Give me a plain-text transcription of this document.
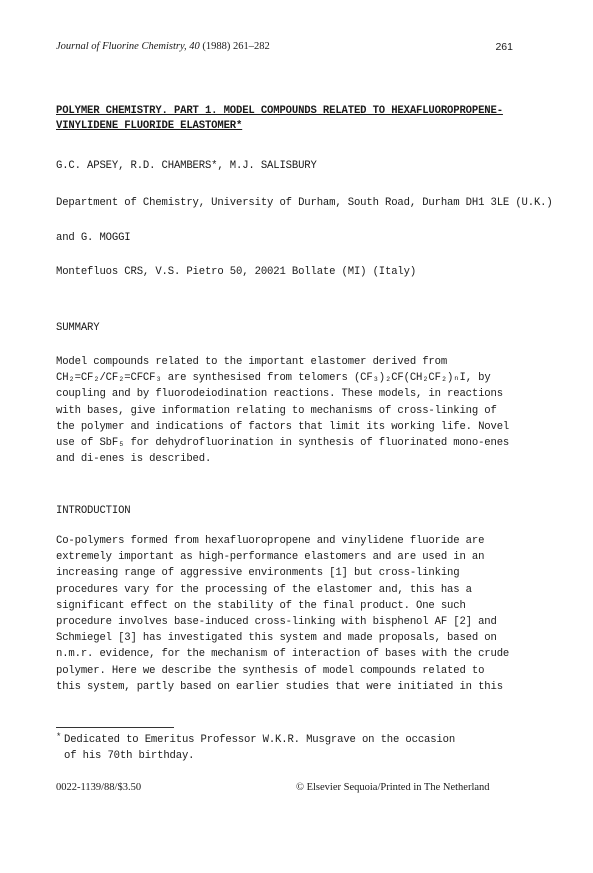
Journal of Fluorine Chemistry, 40 (1988) 261–282	261
POLYMER CHEMISTRY. PART 1. MODEL COMPOUNDS RELATED TO HEXAFLUOROPROPENE-
VINYLIDENE FLUORIDE ELASTOMER*
G.C. APSEY, R.D. CHAMBERS*, M.J. SALISBURY
Department of Chemistry, University of Durham, South Road, Durham DH1 3LE (U.K.)
and G. MOGGI
Montefluos CRS, V.S. Pietro 50, 20021 Bollate (MI) (Italy)
SUMMARY
Model compounds related to the important elastomer derived from
CH₂=CF₂/CF₂=CFCF₃ are synthesised from telomers (CF₃)₂CF(CH₂CF₂)ₙI, by
coupling and by fluorodeiodination reactions. These models, in reactions
with bases, give information relating to mechanisms of cross-linking of
the polymer and indications of factors that limit its working life. Novel
use of SbF₅ for dehydrofluorination in synthesis of fluorinated mono-enes
and di-enes is described.
INTRODUCTION
Co-polymers formed from hexafluoropropene and vinylidene fluoride are
extremely important as high-performance elastomers and are used in an
increasing range of aggressive environments [1] but cross-linking
procedures vary for the processing of the elastomer and, this has a
significant effect on the stability of the final product. One such
procedure involves base-induced cross-linking with bisphenol AF [2] and
Schmiegel [3] has investigated this system and made proposals, based on
n.m.r. evidence, for the mechanism of interaction of bases with the crude
polymer. Here we describe the synthesis of model compounds related to
this system, partly based on earlier studies that were initiated in this
* Dedicated to Emeritus Professor W.K.R. Musgrave on the occasion
of his 70th birthday.
0022-1139/88/$3.50	© Elsevier Sequoia/Printed in The Netherland
